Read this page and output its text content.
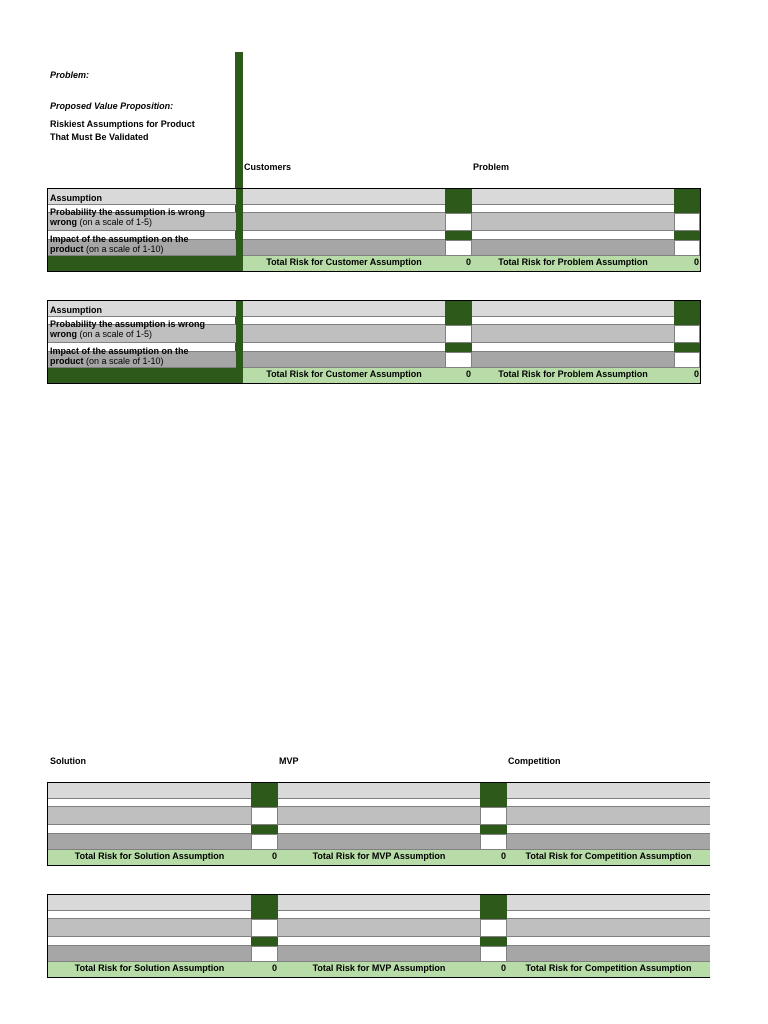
Problem:
Proposed Value Proposition:
Riskiest Assumptions for Product
That Must Be Validated
Customers	Problem
Assumption
Probability the assumption is wrong
wrong (on a scale of 1-5)
Impact of the assumption on the
product (on a scale of 1-10)
Total Risk for Customer Assumption	0	Total Risk for Problem Assumption	0
Assumption
Probability the assumption is wrong
wrong (on a scale of 1-5)
Impact of the assumption on the
product (on a scale of 1-10)
Total Risk for Customer Assumption	0	Total Risk for Problem Assumption	0
Solution	MVP	Competition
Total Risk for Solution Assumption	0	Total Risk for MVP Assumption	0	Total Risk for Competition Assumption
Total Risk for Solution Assumption	0	Total Risk for MVP Assumption	0	Total Risk for Competition Assumption
